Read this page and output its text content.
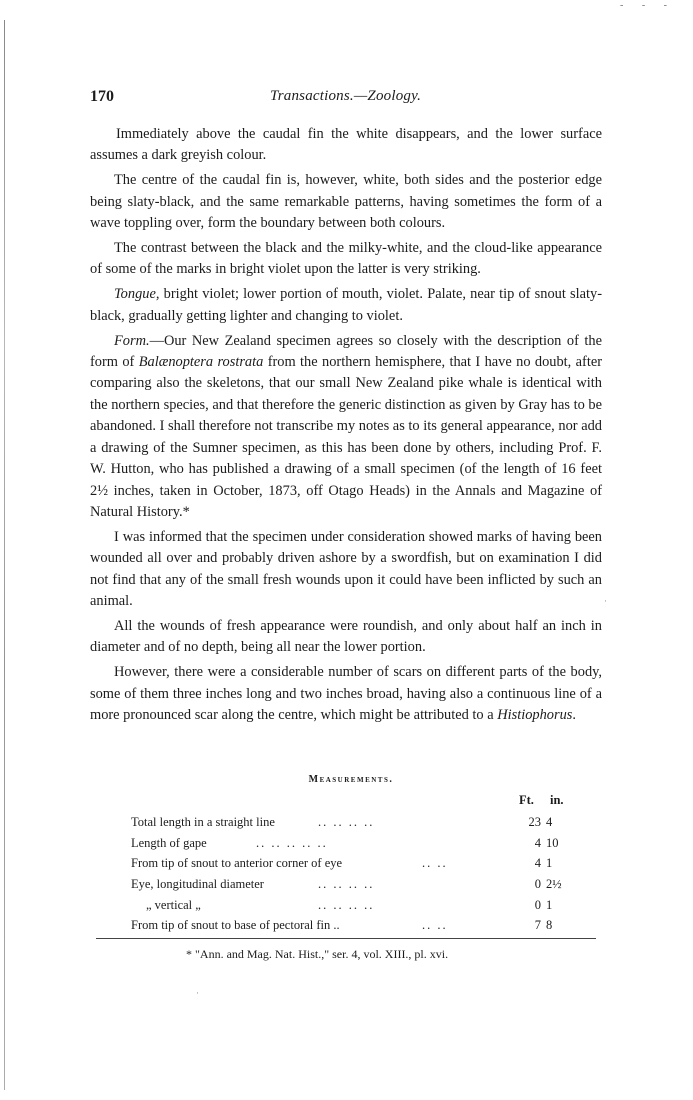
- - -
170	Transactions.—Zoology.

Immediately above the caudal fin the white disappears, and the lower surface assumes a dark greyish colour.

The centre of the caudal fin is, however, white, both sides and the posterior edge being slaty-black, and the same remarkable patterns, having sometimes the form of a wave toppling over, form the boundary between both colours.

The contrast between the black and the milky-white, and the cloud-like appearance of some of the marks in bright violet upon the latter is very striking.

Tongue, bright violet; lower portion of mouth, violet. Palate, near tip of snout slaty-black, gradually getting lighter and changing to violet.

Form.—Our New Zealand specimen agrees so closely with the description of the form of Balænoptera rostrata from the northern hemisphere, that I have no doubt, after comparing also the skeletons, that our small New Zealand pike whale is identical with the northern species, and that therefore the generic distinction as given by Gray has to be abandoned. I shall therefore not transcribe my notes as to its general appearance, nor add a drawing of the Sumner specimen, as this has been done by others, including Prof. F. W. Hutton, who has published a drawing of a small specimen (of the length of 16 feet 2½ inches, taken in October, 1873, off Otago Heads) in the Annals and Magazine of Natural History.*

I was informed that the specimen under consideration showed marks of having been wounded all over and probably driven ashore by a swordfish, but on examination I did not find that any of the small fresh wounds upon it could have been inflicted by such an animal.

All the wounds of fresh appearance were roundish, and only about half an inch in diameter and of no depth, being all near the lower portion.

However, there were a considerable number of scars on different parts of the body, some of them three inches long and two inches broad, having also a continuous line of a more pronounced scar along the centre, which might be attributed to a Histiophorus.

Measurements.
Ft. in.
Total length in a straight line	.. .. .. ..	23 4
Length of gape	.. .. .. .. ..	4 10
From tip of snout to anterior corner of eye	.. ..	4 1
Eye, longitudinal diameter	.. .. .. ..	0 2½
„ vertical „	.. .. .. ..	0 1
From tip of snout to base of pectoral fin ..	.. ..	7 8
* "Ann. and Mag. Nat. Hist.," ser. 4, vol. XIII., pl. xvi.
·
·
